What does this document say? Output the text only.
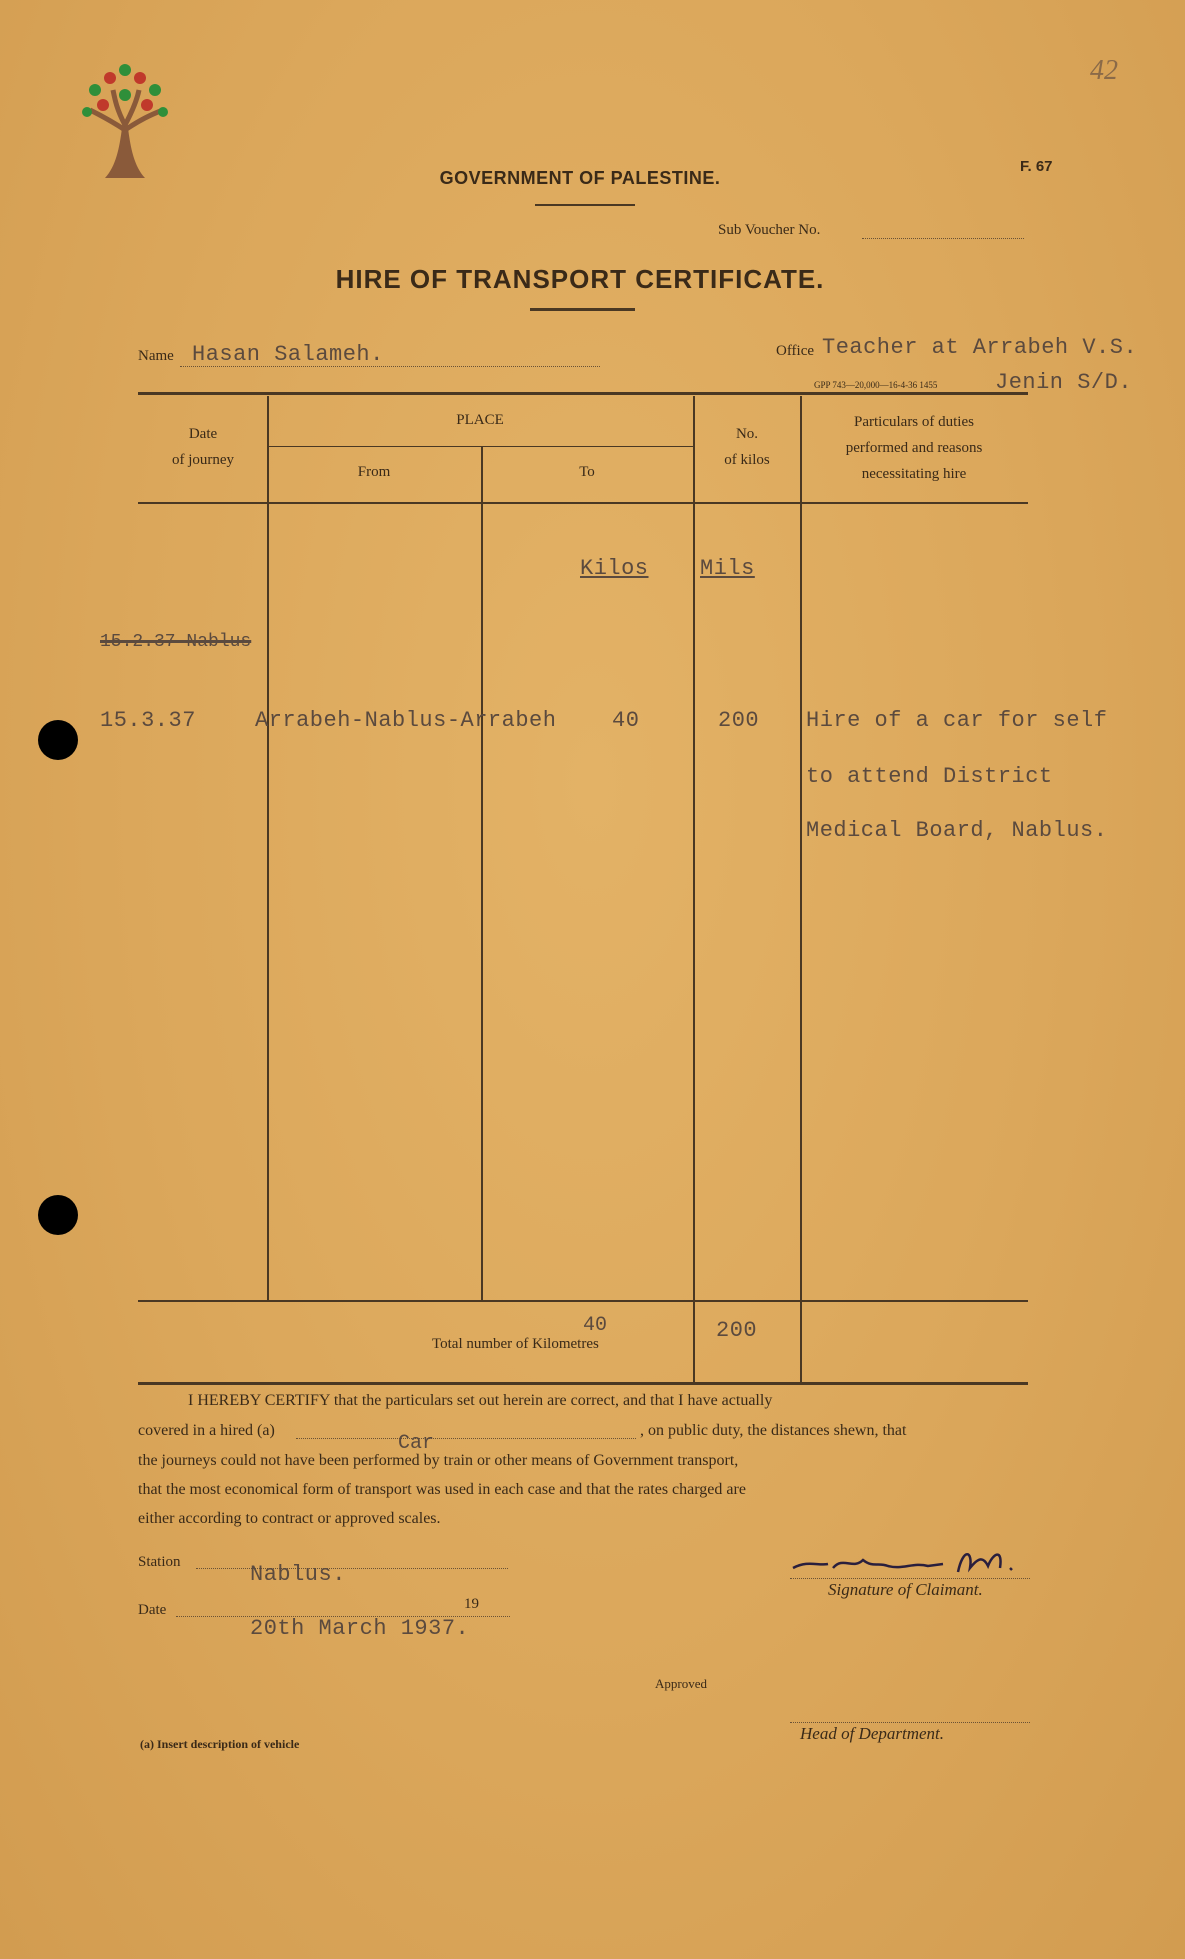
42
F. 67
GOVERNMENT OF PALESTINE.
Sub Voucher No.
HIRE OF TRANSPORT CERTIFICATE.
Name Hasan Salameh.	Office Teacher at Arrabeh V.S.
GPP 743—20,000—16-4-36 1455	Jenin S/D.
Date
of journey
PLACE
From	To
No.
of kilos
Particulars of duties
performed and reasons
necessitating hire
Kilos Mils
15.2.37 Nablus
15.3.37	Arrabeh-Nablus-Arrabeh	40	200 Hire of a car for self
to attend District
Medical Board, Nablus.
40
Total number of Kilometres
200
I HEREBY CERTIFY that the particulars set out herein are correct, and that I have actually
covered in a hired (a)	, on public duty, the distances shewn, that
Car
the journeys could not have been performed by train or other means of Government transport,
that the most economical form of transport was used in each case and that the rates charged are
either according to contract or approved scales.
Station	Nablus.
Date	19
20th March 1937.
Signature of Claimant.
Approved
Head of Department.
(a) Insert description of vehicle
